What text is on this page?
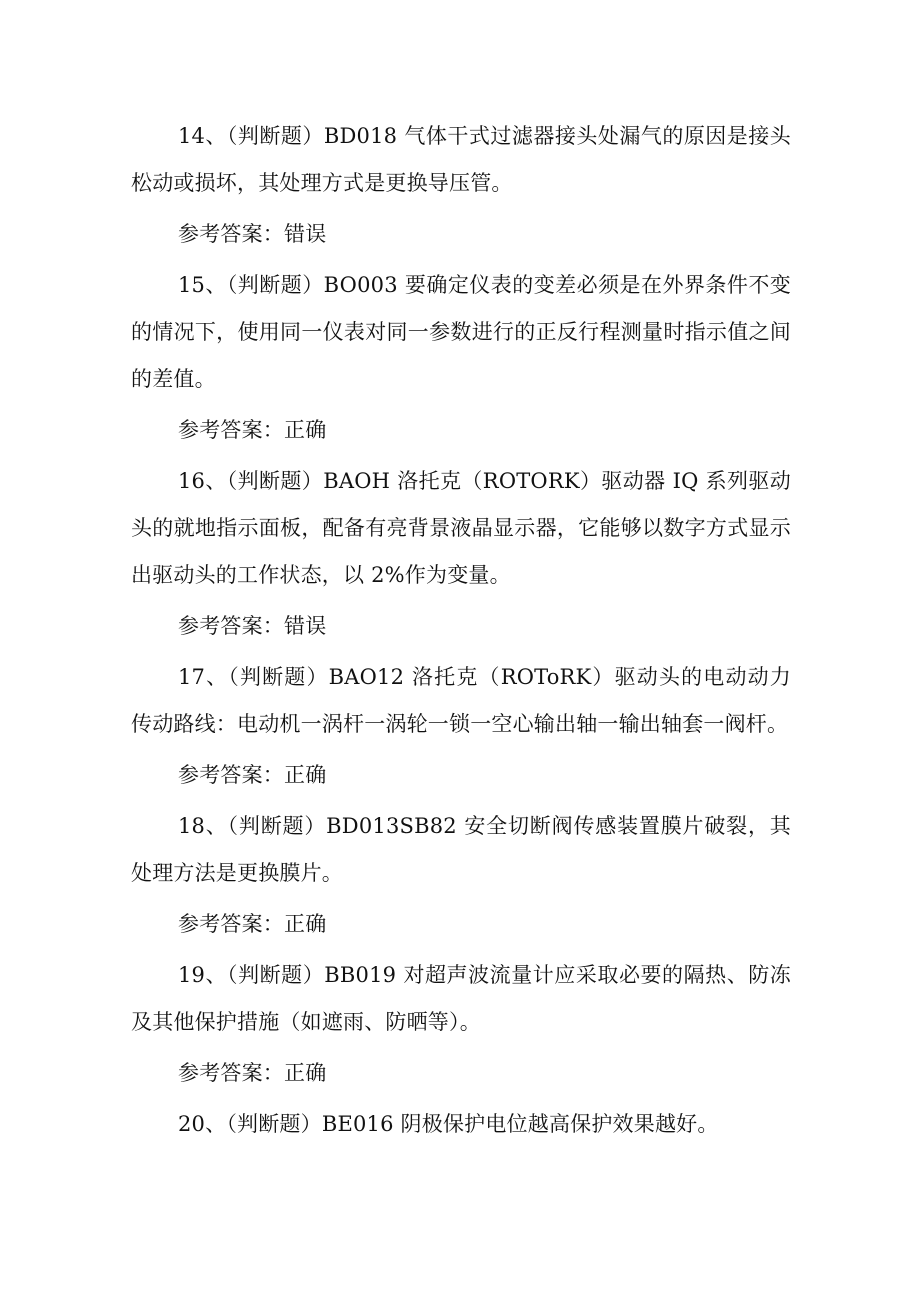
14、（判断题）BD018 气体干式过滤器接头处漏气的原因是接头松动或损坏，其处理方式是更换导压管。

参考答案：错误

15、（判断题）BO003 要确定仪表的变差必须是在外界条件不变的情况下，使用同一仪表对同一参数进行的正反行程测量时指示值之间的差值。

参考答案：正确

16、（判断题）BAOH 洛托克（ROTORK）驱动器 IQ 系列驱动头的就地指示面板，配备有亮背景液晶显示器，它能够以数字方式显示出驱动头的工作状态，以 2%作为变量。

参考答案：错误

17、（判断题）BAO12 洛托克（ROToRK）驱动头的电动动力传动路线：电动机一涡杆一涡轮一锁一空心输出轴一输出轴套一阀杆。

参考答案：正确

18、（判断题）BD013SB82 安全切断阀传感装置膜片破裂，其处理方法是更换膜片。

参考答案：正确

19、（判断题）BB019 对超声波流量计应采取必要的隔热、防冻及其他保护措施（如遮雨、防晒等）。

参考答案：正确

20、（判断题）BE016 阴极保护电位越高保护效果越好。
